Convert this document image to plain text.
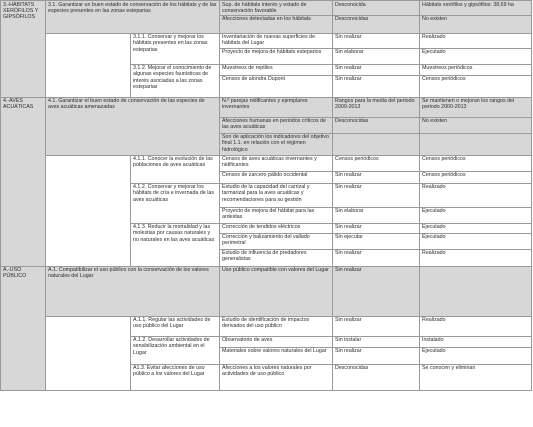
3.-HÁBITATS XERÓFILOS Y GIPSÓFILOS	3.1. Garantizar un buen estado de conservación de los hábitats y de las especies presentes en las zonas esteparias		Sup. de hábitats interés y estado de conservación favorable	Desconocida	Hábitats xerófilos y gipsófilos: 38,69 ha

			Afecciones detectadas en los hábitats	Desconocidas	No existen

		3.1.1. Conservar y mejorar los hábitats presentes en las zonas esteparias	Inventariación de nuevas superficies de hábitats del Lugar	Sin realizar	Realizado

			Proyecto de mejora de hábitats esteparios	Sin elaborar	Ejecutado

		3.1.2. Mejorar el conocimiento de algunas especies faunísticas de interés asociadas a las zonas esteparias	Muestreos de reptiles	Sin realizar	Muestreos periódicos

			Censos de alondra Dupont	Sin realizar	Censos periódicos

4.-AVES ACUÁTICAS	4.1. Garantizar el buen estado de conservación de las especies de aves acuáticas amenazadas		N.º parejas nidificantes y ejemplares invernantes	Rangos para la media del periodo 2000-2013	Se mantienen o mejoran los rangos del periodo 2000-2013

			Afecciones humanas en periodos críticos de las aves acuáticas	Desconocidas	No existen

			Son de aplicación los indicadores del objetivo final 1.1. en relación con el régimen hidrológico		

		4.1.1. Conocer la evolución de las poblaciones de aves acuáticas	Censos de aves acuáticas invernantes y nidificantes	Censos periódicos	Censos periódicos

			Censos de zarcero pálido occidental	Sin realizar	Censos periódicos

		4.1.2. Conservar y mejorar los hábitats de cría e invernada de las aves acuáticas	Estudio de la capacidad del carrizal y tarmarizal para la aves acuáticas y recomendaciones para su gestión	Sin realizar	Realizado

			Proyecto de mejora del hábitat para las ardeidas	Sin elaborar	Ejecutado

		4.1.3. Reducir la mortalidad y las molestias por causas naturales y no naturales en las aves acuáticas	Corrección de tendidos eléctricos	Sin realizar	Ejecutado

			Corrección y balizamiento del vallado perimetral	Sin ejecutar	Ejecutado

			Estudio de influencia de predadores generalistas	Sin realizar	Realizado

A.-USO PÚBLICO	A.1. Compatibilizar el uso público con la conservación de los valores naturales del Lugar		Uso público compatible con valores del Lugar	Sin realizar	

		A.1.1. Regular las actividades de uso público del Lugar	Estudio de identificación de impactos derivados del uso público	Sin realizar	Realizado

		A.1.2. Desarrollar actividades de sensibilización ambiental en el Lugar	Observatorio de aves	Sin instalar	Instalado

			Materiales sobre valores naturales del Lugar	Sin realizar	Ejecutado

		A1.3. Evitar afecciones de uso público a los valores del Lugar	Afecciones a los valores naturales por actividades de uso público	Desconocidas	Se conocen y eliminan
